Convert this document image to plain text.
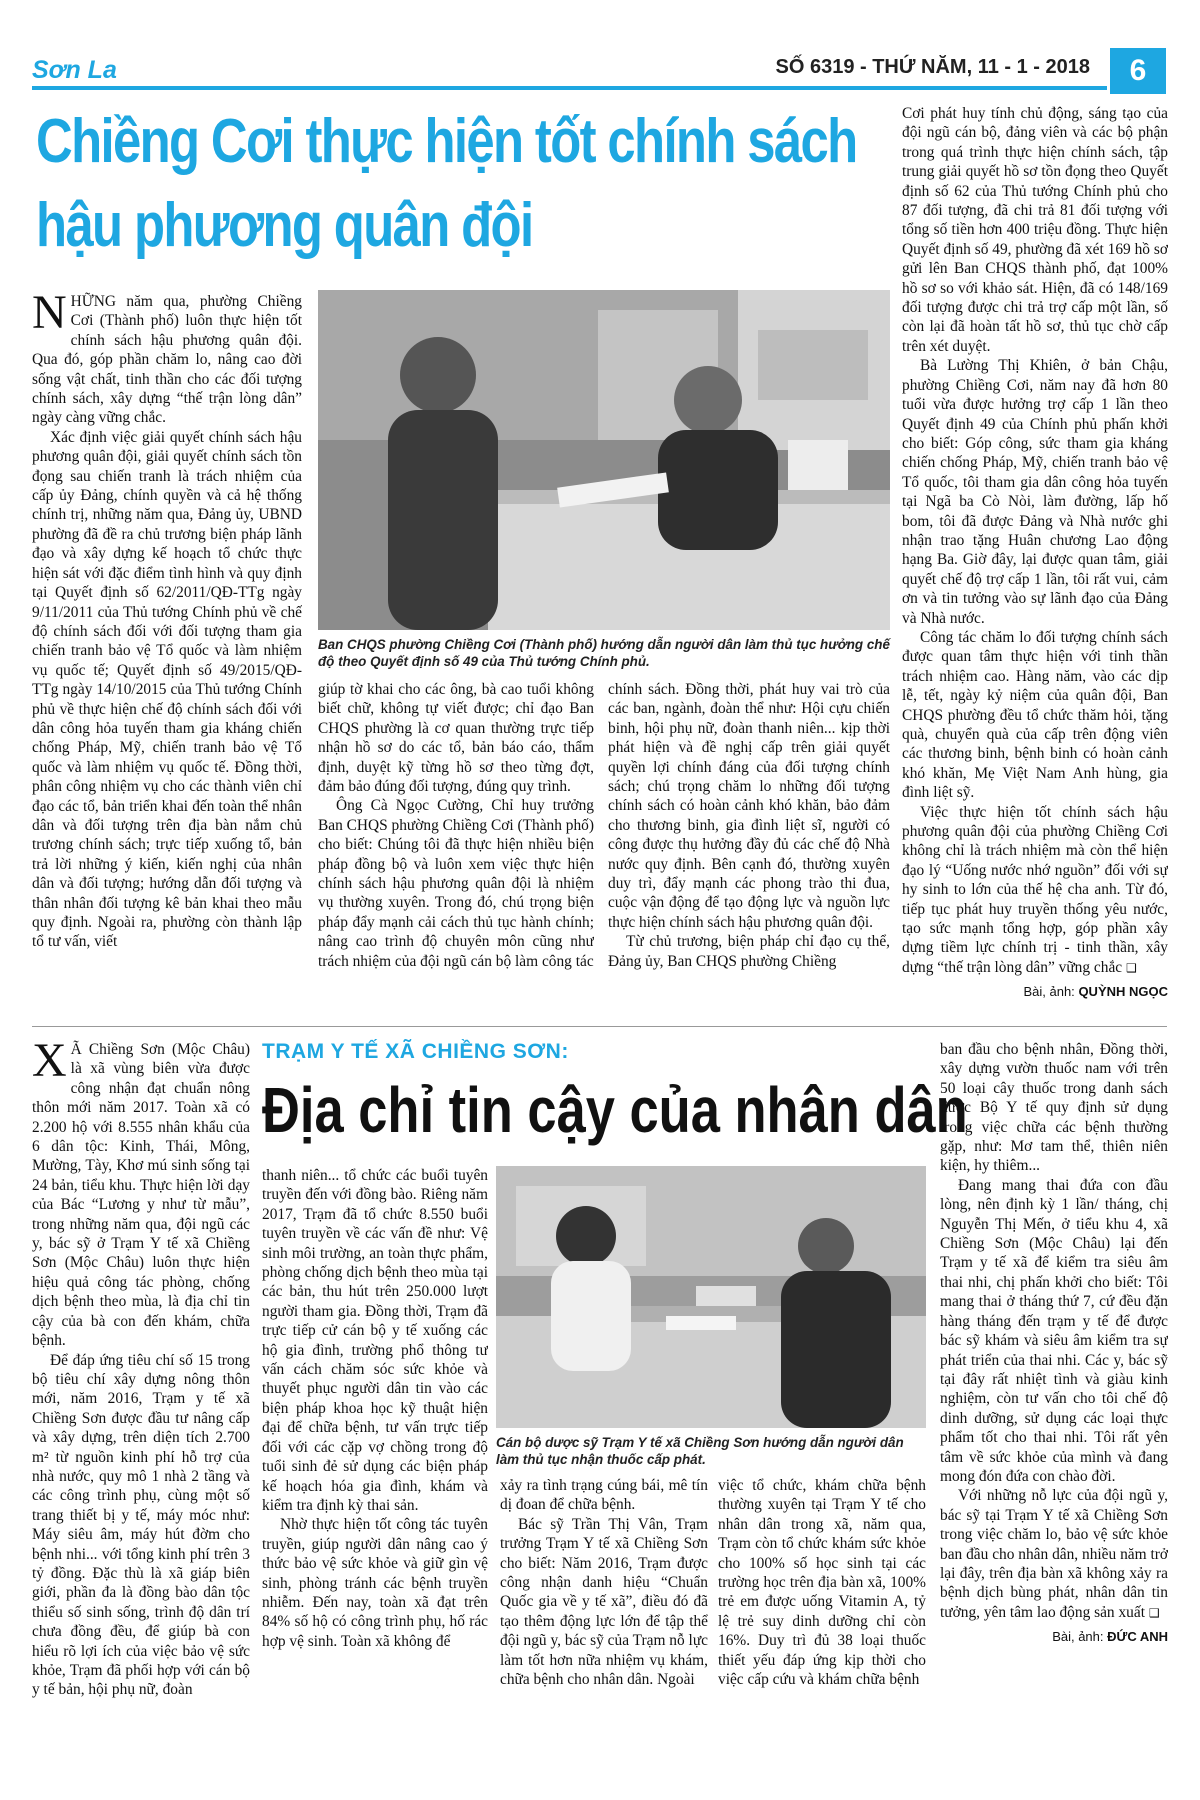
Sơn La	SỐ 6319 - THỨ NĂM, 11 - 1 - 2018	6
Chiềng Cơi thực hiện tốt chính sách
hậu phương quân đội

NHỮNG năm qua, phường Chiềng Cơi (Thành phố) luôn thực hiện tốt chính sách hậu phương quân đội. Qua đó, góp phần chăm lo, nâng cao đời sống vật chất, tinh thần cho các đối tượng chính sách, xây dựng “thế trận lòng dân” ngày càng vững chắc.

Xác định việc giải quyết chính sách hậu phương quân đội, giải quyết chính sách tồn đọng sau chiến tranh là trách nhiệm của cấp ủy Đảng, chính quyền và cả hệ thống chính trị, những năm qua, Đảng ủy, UBND phường đã đề ra chủ trương biện pháp lãnh đạo và xây dựng kế hoạch tổ chức thực hiện sát với đặc điểm tình hình và quy định tại Quyết định số 62/2011/QĐ-TTg ngày 9/11/2011 của Thủ tướng Chính phủ về chế độ chính sách đối với đối tượng tham gia chiến tranh bảo vệ Tổ quốc và làm nhiệm vụ quốc tế; Quyết định số 49/2015/QĐ-TTg ngày 14/10/2015 của Thủ tướng Chính phủ về thực hiện chế độ chính sách đối với dân công hỏa tuyến tham gia kháng chiến chống Pháp, Mỹ, chiến tranh bảo vệ Tổ quốc và làm nhiệm vụ quốc tế. Đồng thời, phân công nhiệm vụ cho các thành viên chỉ đạo các tổ, bản triển khai đến toàn thể nhân dân và đối tượng trên địa bàn nắm chủ trương chính sách; trực tiếp xuống tổ, bản trả lời những ý kiến, kiến nghị của nhân dân và đối tượng; hướng dẫn đối tượng và thân nhân đối tượng kê bản khai theo mẫu quy định. Ngoài ra, phường còn thành lập tổ tư vấn, viết

Ban CHQS phường Chiềng Cơi (Thành phố) hướng dẫn người dân làm thủ tục hưởng chế độ theo Quyết định số 49 của Thủ tướng Chính phủ.

giúp tờ khai cho các ông, bà cao tuổi không biết chữ, không tự viết được; chỉ đạo Ban CHQS phường là cơ quan thường trực tiếp nhận hồ sơ do các tổ, bản báo cáo, thẩm định, duyệt kỹ từng hồ sơ theo từng đợt, đảm bảo đúng đối tượng, đúng quy trình.

Ông Cà Ngọc Cường, Chỉ huy trưởng Ban CHQS phường Chiềng Cơi (Thành phố) cho biết: Chúng tôi đã thực hiện nhiều biện pháp đồng bộ và luôn xem việc thực hiện chính sách hậu phương quân đội là nhiệm vụ thường xuyên. Trong đó, chú trọng biện pháp đẩy mạnh cải cách thủ tục hành chính; nâng cao trình độ chuyên môn cũng như trách nhiệm của đội ngũ cán bộ làm công tác

chính sách. Đồng thời, phát huy vai trò của các ban, ngành, đoàn thể như: Hội cựu chiến binh, hội phụ nữ, đoàn thanh niên... kịp thời phát hiện và đề nghị cấp trên giải quyết quyền lợi chính đáng của đối tượng chính sách; chú trọng chăm lo những đối tượng chính sách có hoàn cảnh khó khăn, bảo đảm cho thương binh, gia đình liệt sĩ, người có công được thụ hưởng đầy đủ các chế độ Nhà nước quy định. Bên cạnh đó, thường xuyên duy trì, đẩy mạnh các phong trào thi đua, cuộc vận động để tạo động lực và nguồn lực thực hiện chính sách hậu phương quân đội.

Từ chủ trương, biện pháp chỉ đạo cụ thể, Đảng ủy, Ban CHQS phường Chiềng

Cơi phát huy tính chủ động, sáng tạo của đội ngũ cán bộ, đảng viên và các bộ phận trong quá trình thực hiện chính sách, tập trung giải quyết hồ sơ tồn đọng theo Quyết định số 62 của Thủ tướng Chính phủ cho 87 đối tượng, đã chi trả 81 đối tượng với tổng số tiền hơn 400 triệu đồng. Thực hiện Quyết định số 49, phường đã xét 169 hồ sơ gửi lên Ban CHQS thành phố, đạt 100% hồ sơ so với khảo sát. Hiện, đã có 148/169 đối tượng được chi trả trợ cấp một lần, số còn lại đã hoàn tất hồ sơ, thủ tục chờ cấp trên xét duyệt.

Bà Lường Thị Khiên, ở bản Chậu, phường Chiềng Cơi, năm nay đã hơn 80 tuổi vừa được hưởng trợ cấp 1 lần theo Quyết định 49 của Chính phủ phấn khởi cho biết: Góp công, sức tham gia kháng chiến chống Pháp, Mỹ, chiến tranh bảo vệ Tổ quốc, tôi tham gia dân công hỏa tuyến tại Ngã ba Cò Nòi, làm đường, lấp hố bom, tôi đã được Đảng và Nhà nước ghi nhận trao tặng Huân chương Lao động hạng Ba. Giờ đây, lại được quan tâm, giải quyết chế độ trợ cấp 1 lần, tôi rất vui, cảm ơn và tin tưởng vào sự lãnh đạo của Đảng và Nhà nước.

Công tác chăm lo đối tượng chính sách được quan tâm thực hiện với tinh thần trách nhiệm cao. Hàng năm, vào các dịp lễ, tết, ngày kỷ niệm của quân đội, Ban CHQS phường đều tổ chức thăm hỏi, tặng quà, chuyển quà của cấp trên động viên các thương binh, bệnh binh có hoàn cảnh khó khăn, Mẹ Việt Nam Anh hùng, gia đình liệt sỹ.

Việc thực hiện tốt chính sách hậu phương quân đội của phường Chiềng Cơi không chỉ là trách nhiệm mà còn thể hiện đạo lý “Uống nước nhớ nguồn” đối với sự hy sinh to lớn của thế hệ cha anh. Từ đó, tiếp tục phát huy truyền thống yêu nước, tạo sức mạnh tổng hợp, góp phần xây dựng tiềm lực chính trị - tinh thần, xây dựng “thế trận lòng dân” vững chắc ❑

Bài, ảnh: QUỲNH NGỌC

X Ã Chiềng Sơn (Mộc Châu) là xã vùng biên vừa được công nhận đạt chuẩn nông thôn mới năm 2017. Toàn xã có 2.200 hộ với 8.555 nhân khẩu của 6 dân tộc: Kinh, Thái, Mông, Mường, Tày, Khơ mú sinh sống tại 24 bản, tiểu khu. Thực hiện lời dạy của Bác “Lương y như từ mẫu”, trong những năm qua, đội ngũ các y, bác sỹ ở Trạm Y tế xã Chiềng Sơn (Mộc Châu) luôn thực hiện hiệu quả công tác phòng, chống dịch bệnh theo mùa, là địa chỉ tin cậy của bà con đến khám, chữa bệnh.

Để đáp ứng tiêu chí số 15 trong bộ tiêu chí xây dựng nông thôn mới, năm 2016, Trạm y tế xã Chiềng Sơn được đầu tư nâng cấp và xây dựng, trên diện tích 2.700 m² từ nguồn kinh phí hỗ trợ của nhà nước, quy mô 1 nhà 2 tầng và các công trình phụ, cùng một số trang thiết bị y tế, máy móc như: Máy siêu âm, máy hút đờm cho bệnh nhi... với tổng kinh phí trên 3 tỷ đồng. Đặc thù là xã giáp biên giới, phần đa là đồng bào dân tộc thiểu số sinh sống, trình độ dân trí chưa đồng đều, để giúp bà con hiểu rõ lợi ích của việc bảo vệ sức khỏe, Trạm đã phối hợp với cán bộ y tế bản, hội phụ nữ, đoàn

TRẠM Y TẾ XÃ CHIỀNG SƠN:
Địa chỉ tin cậy của nhân dân

thanh niên... tổ chức các buổi tuyên truyền đến với đồng bào. Riêng năm 2017, Trạm đã tổ chức 8.550 buổi tuyên truyền về các vấn đề như: Vệ sinh môi trường, an toàn thực phẩm, phòng chống dịch bệnh theo mùa tại các bản, thu hút trên 250.000 lượt người tham gia. Đồng thời, Trạm đã trực tiếp cử cán bộ y tế xuống các hộ gia đình, trường phổ thông tư vấn cách chăm sóc sức khỏe và thuyết phục người dân tin vào các biện pháp khoa học kỹ thuật hiện đại để chữa bệnh, tư vấn trực tiếp đối với các cặp vợ chồng trong độ tuổi sinh đẻ sử dụng các biện pháp kế hoạch hóa gia đình, khám và kiểm tra định kỳ thai sản.

Nhờ thực hiện tốt công tác tuyên truyền, giúp người dân nâng cao ý thức bảo vệ sức khỏe và giữ gìn vệ sinh, phòng tránh các bệnh truyền nhiễm. Đến nay, toàn xã đạt trên 84% số hộ có công trình phụ, hố rác hợp vệ sinh. Toàn xã không để

Cán bộ dược sỹ Trạm Y tế xã Chiềng Sơn hướng dẫn người dân làm thủ tục nhận thuốc cấp phát.

xảy ra tình trạng cúng bái, mê tín dị đoan để chữa bệnh.

Bác sỹ Trần Thị Vân, Trạm trưởng Trạm Y tế xã Chiềng Sơn cho biết: Năm 2016, Trạm được công nhận danh hiệu “Chuẩn Quốc gia về y tế xã”, điều đó đã tạo thêm động lực lớn để tập thể đội ngũ y, bác sỹ của Trạm nỗ lực làm tốt hơn nữa nhiệm vụ khám, chữa bệnh cho nhân dân. Ngoài

việc tổ chức, khám chữa bệnh thường xuyên tại Trạm Y tế cho nhân dân trong xã, năm qua, Trạm còn tổ chức khám sức khỏe cho 100% số học sinh tại các trường học trên địa bàn xã, 100% trẻ em được uống Vitamin A, tỷ lệ trẻ suy dinh dưỡng chỉ còn 16%. Duy trì đủ 38 loại thuốc thiết yếu đáp ứng kịp thời cho việc cấp cứu và khám chữa bệnh

ban đầu cho bệnh nhân, Đồng thời, xây dựng vườn thuốc nam với trên 50 loại cây thuốc trong danh sách được Bộ Y tế quy định sử dụng trong việc chữa các bệnh thường gặp, như: Mơ tam thể, thiên niên kiện, hy thiêm...

Đang mang thai đứa con đầu lòng, nên định kỳ 1 lần/ tháng, chị Nguyễn Thị Mến, ở tiểu khu 4, xã Chiềng Sơn (Mộc Châu) lại đến Trạm y tế xã để kiểm tra siêu âm thai nhi, chị phấn khởi cho biết: Tôi mang thai ở tháng thứ 7, cứ đều đặn hàng tháng đến trạm y tế để được bác sỹ khám và siêu âm kiểm tra sự phát triển của thai nhi. Các y, bác sỹ tại đây rất nhiệt tình và giàu kinh nghiệm, còn tư vấn cho tôi chế độ dinh dưỡng, sử dụng các loại thực phẩm tốt cho thai nhi. Tôi rất yên tâm về sức khỏe của mình và đang mong đón đứa con chào đời.

Với những nỗ lực của đội ngũ y, bác sỹ tại Trạm Y tế xã Chiềng Sơn trong việc chăm lo, bảo vệ sức khỏe ban đầu cho nhân dân, nhiều năm trở lại đây, trên địa bàn xã không xảy ra bệnh dịch bùng phát, nhân dân tin tưởng, yên tâm lao động sản xuất ❑

Bài, ảnh: ĐỨC ANH
